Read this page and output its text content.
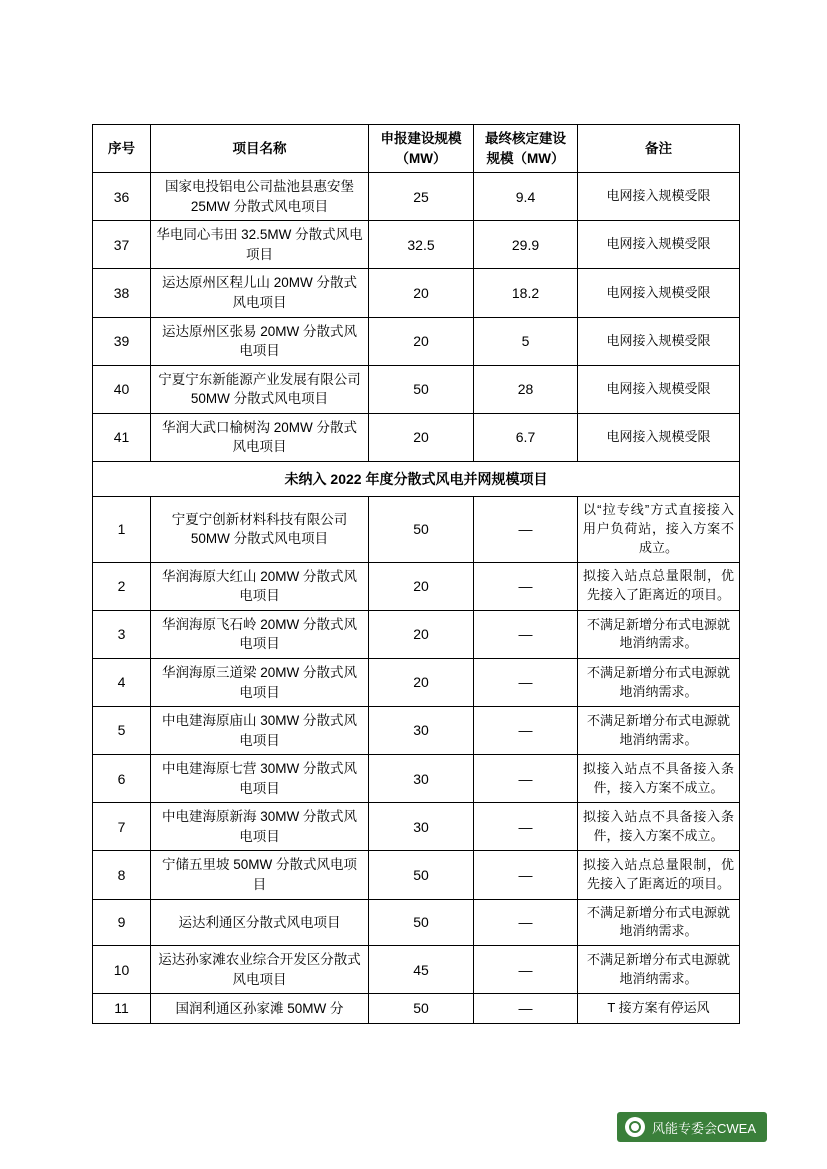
序号	项目名称	申报建设规模（MW）	最终核定建设规模（MW）	备注
36	国家电投铝电公司盐池县惠安堡 25MW 分散式风电项目	25	9.4	电网接入规模受限
37	华电同心韦田 32.5MW 分散式风电项目	32.5	29.9	电网接入规模受限
38	运达原州区程儿山 20MW 分散式风电项目	20	18.2	电网接入规模受限
39	运达原州区张易 20MW 分散式风电项目	20	5	电网接入规模受限
40	宁夏宁东新能源产业发展有限公司 50MW 分散式风电项目	50	28	电网接入规模受限
41	华润大武口榆树沟 20MW 分散式风电项目	20	6.7	电网接入规模受限
未纳入 2022 年度分散式风电并网规模项目				
1	宁夏宁创新材料科技有限公司 50MW 分散式风电项目	50	—	以“拉专线”方式直接接入用户负荷站，接入方案不成立。
2	华润海原大红山 20MW 分散式风电项目	20	—	拟接入站点总量限制，优先接入了距离近的项目。
3	华润海原飞石岭 20MW 分散式风电项目	20	—	不满足新增分布式电源就地消纳需求。
4	华润海原三道梁 20MW 分散式风电项目	20	—	不满足新增分布式电源就地消纳需求。
5	中电建海原庙山 30MW 分散式风电项目	30	—	不满足新增分布式电源就地消纳需求。
6	中电建海原七营 30MW 分散式风电项目	30	—	拟接入站点不具备接入条件，接入方案不成立。
7	中电建海原新海 30MW 分散式风电项目	30	—	拟接入站点不具备接入条件，接入方案不成立。
8	宁储五里坡 50MW 分散式风电项目	50	—	拟接入站点总量限制，优先接入了距离近的项目。
9	运达利通区分散式风电项目	50	—	不满足新增分布式电源就地消纳需求。
10	运达孙家滩农业综合开发区分散式风电项目	45	—	不满足新增分布式电源就地消纳需求。
11	国润利通区孙家滩 50MW 分	50	—	T 接方案有停运风
风能专委会CWEA
